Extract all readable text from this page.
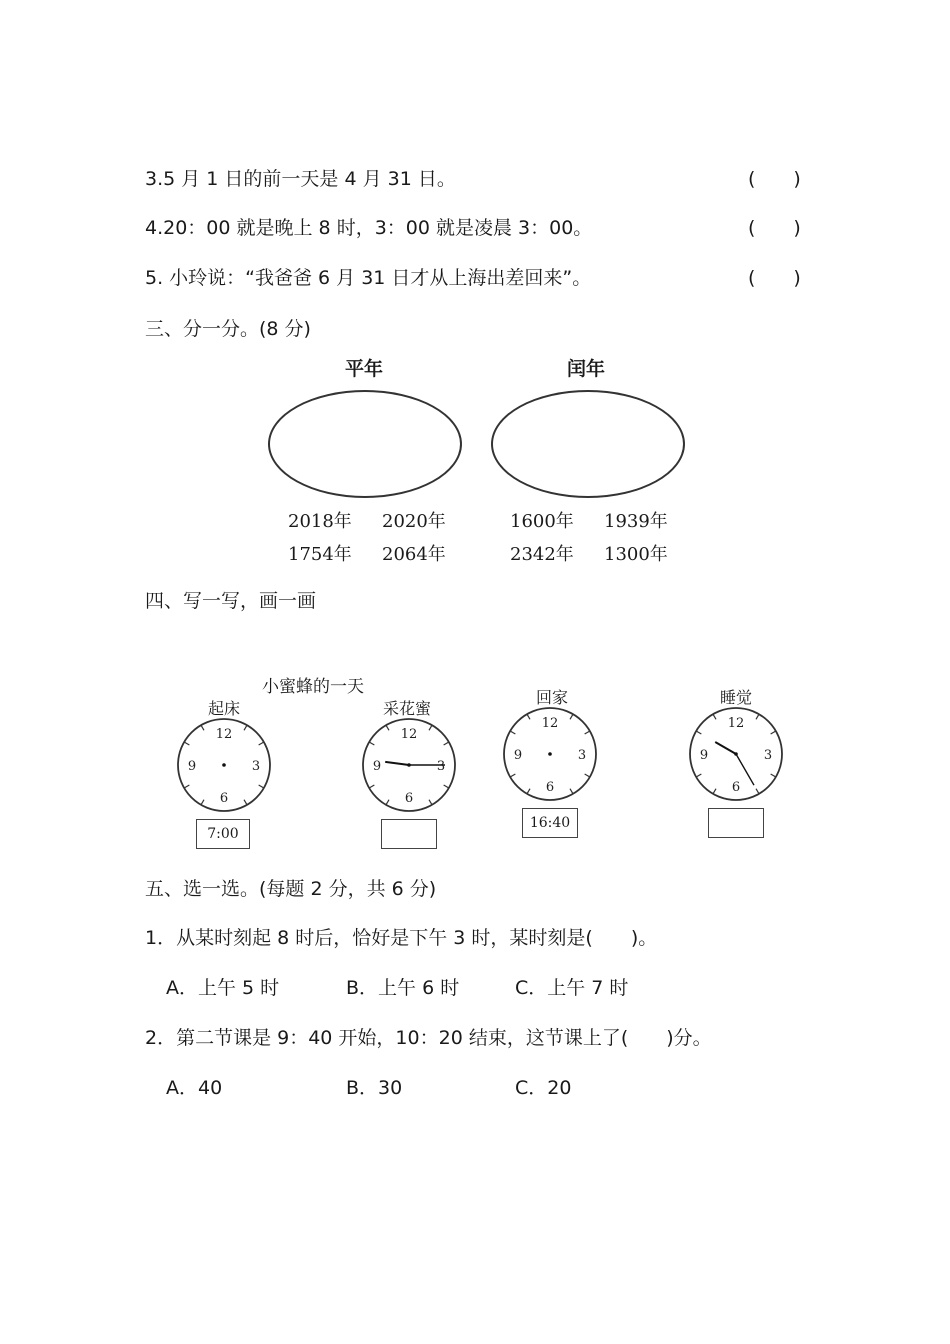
3.5 月 1 日的前一天是 4 月 31 日。	(　　)
4.20：00 就是晚上 8 时，3：00 就是凌晨 3：00。	(　　)
5. 小玲说：“我爸爸 6 月 31 日才从上海出差回来”。	(　　)
三、分一分。(8 分)
平年	闰年
2018年 2020年
1754年 2064年
1600年 1939年
2342年 1300年
四、写一写，画一画
小蜜蜂的一天
起床	采花蜜
回家	睡觉
12
3
6
9
12
3
6
9
12
3
6
9
12
3
6
9
7:00
16:40
五、选一选。(每题 2 分，共 6 分)
1．从某时刻起 8 时后，恰好是下午 3 时，某时刻是(　　)。
A．上午 5 时	B．上午 6 时	C．上午 7 时
2．第二节课是 9：40 开始，10：20 结束，这节课上了(　　)分。
A．40	B．30	C．20
